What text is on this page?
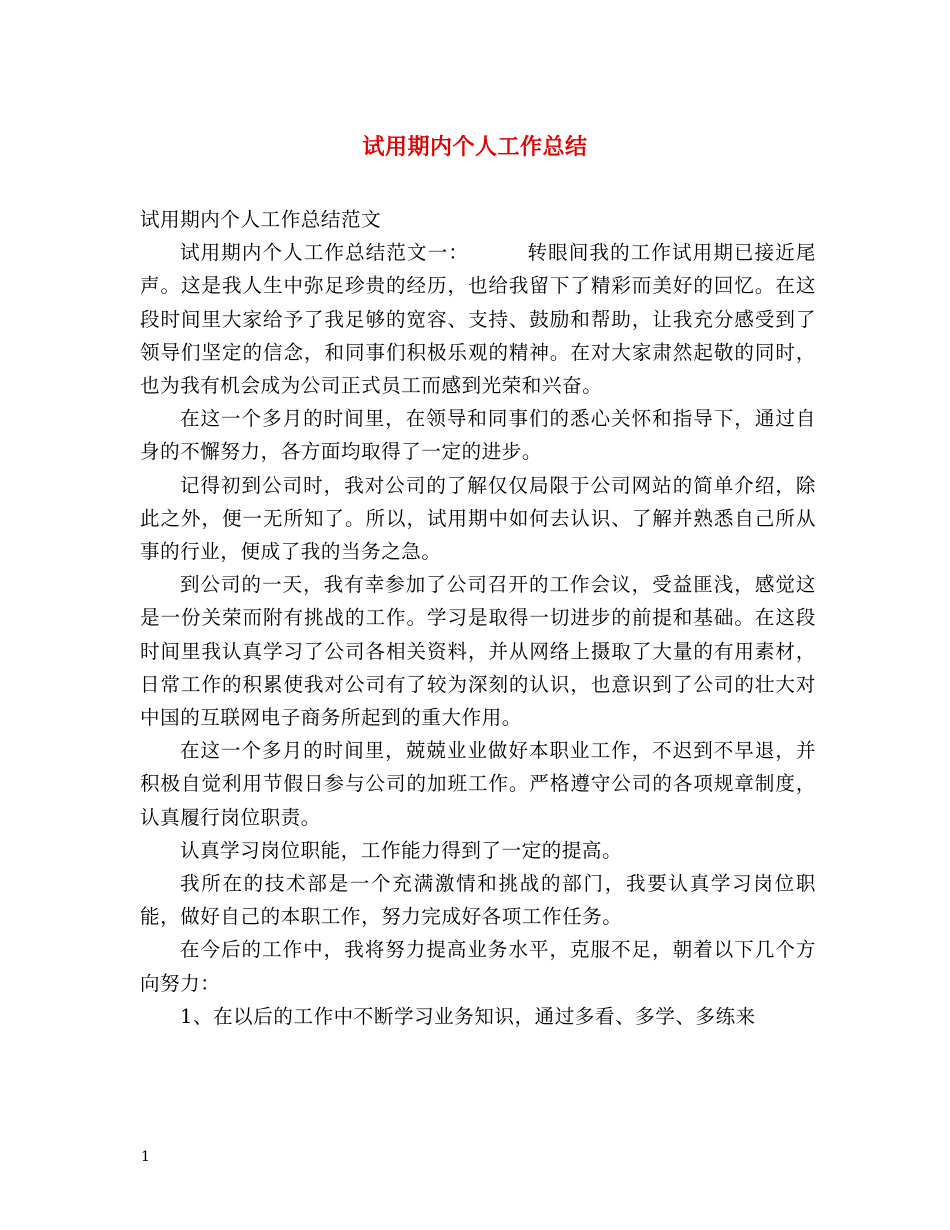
试用期内个人工作总结

试用期内个人工作总结范文

试用期内个人工作总结范文一：	转眼间我的工作试用期已接近尾声。这是我人生中弥足珍贵的经历，也给我留下了精彩而美好的回忆。在这段时间里大家给予了我足够的宽容、支持、鼓励和帮助，让我充分感受到了领导们坚定的信念，和同事们积极乐观的精神。在对大家肃然起敬的同时，也为我有机会成为公司正式员工而感到光荣和兴奋。

在这一个多月的时间里，在领导和同事们的悉心关怀和指导下，通过自身的不懈努力，各方面均取得了一定的进步。

记得初到公司时，我对公司的了解仅仅局限于公司网站的简单介绍，除此之外，便一无所知了。所以，试用期中如何去认识、了解并熟悉自己所从事的行业，便成了我的当务之急。

到公司的一天，我有幸参加了公司召开的工作会议，受益匪浅，感觉这是一份关荣而附有挑战的工作。学习是取得一切进步的前提和基础。在这段时间里我认真学习了公司各相关资料，并从网络上摄取了大量的有用素材，日常工作的积累使我对公司有了较为深刻的认识，也意识到了公司的壮大对中国的互联网电子商务所起到的重大作用。

在这一个多月的时间里，兢兢业业做好本职业工作，不迟到不早退，并积极自觉利用节假日参与公司的加班工作。严格遵守公司的各项规章制度，认真履行岗位职责。

认真学习岗位职能，工作能力得到了一定的提高。

我所在的技术部是一个充满激情和挑战的部门，我要认真学习岗位职能，做好自己的本职工作，努力完成好各项工作任务。

在今后的工作中，我将努力提高业务水平，克服不足，朝着以下几个方向努力：

1、在以后的工作中不断学习业务知识，通过多看、多学、多练来

1
